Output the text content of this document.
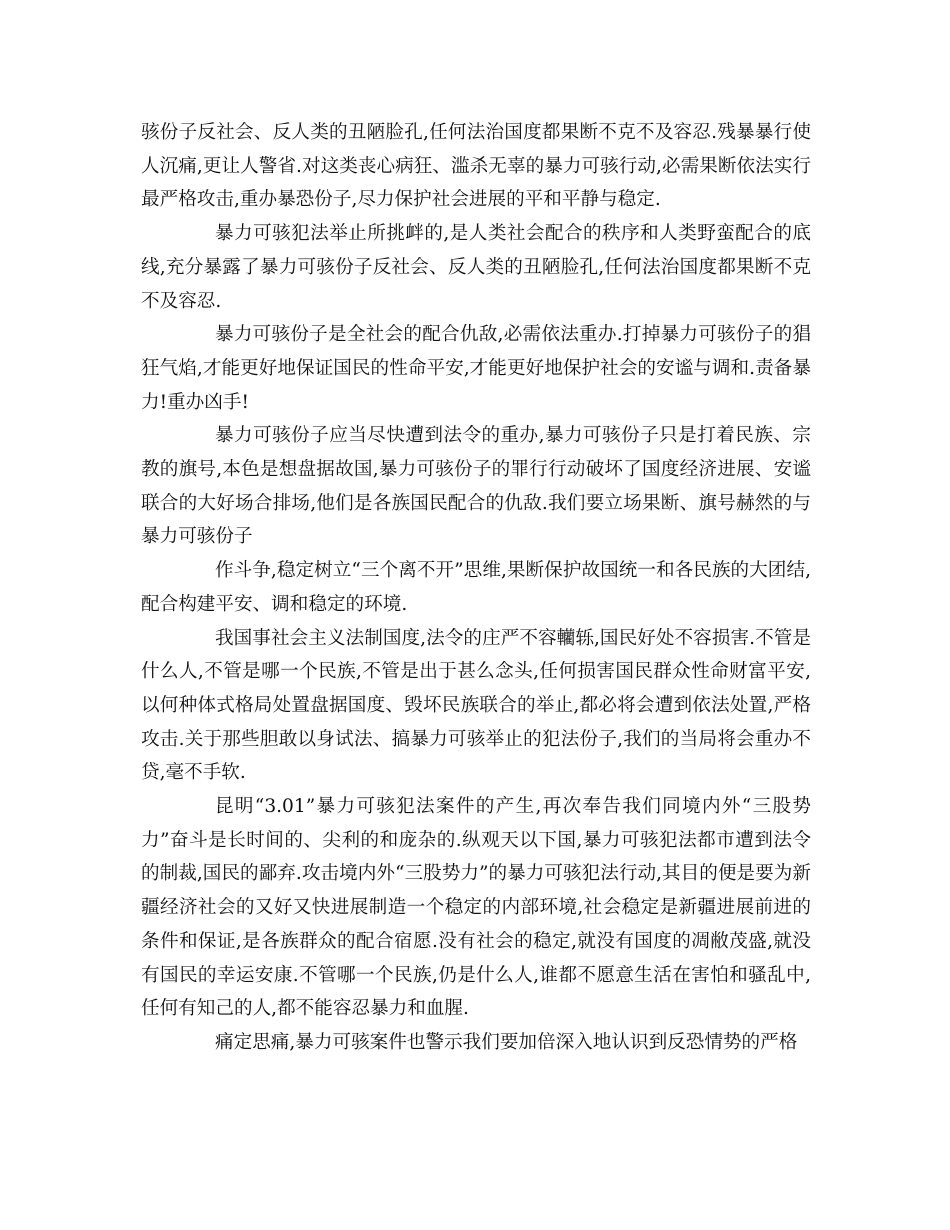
骇份子反社会、反人类的丑陋脸孔,任何法治国度都果断不克不及容忍.残暴暴行使人沉痛,更让人警省.对这类丧心病狂、滥杀无辜的暴力可骇行动,必需果断依法实行最严格攻击,重办暴恐份子,尽力保护社会进展的平和平静与稳定.

暴力可骇犯法举止所挑衅的,是人类社会配合的秩序和人类野蛮配合的底线,充分暴露了暴力可骇份子反社会、反人类的丑陋脸孔,任何法治国度都果断不克不及容忍.

暴力可骇份子是全社会的配合仇敌,必需依法重办.打掉暴力可骇份子的猖狂气焰,才能更好地保证国民的性命平安,才能更好地保护社会的安谧与调和.责备暴力!重办凶手!

暴力可骇份子应当尽快遭到法令的重办,暴力可骇份子只是打着民族、宗教的旗号,本色是想盘据故国,暴力可骇份子的罪行行动破坏了国度经济进展、安谧联合的大好场合排场,他们是各族国民配合的仇敌.我们要立场果断、旗号赫然的与暴力可骇份子

作斗争,稳定树立“三个离不开”思维,果断保护故国统一和各民族的大团结,配合构建平安、调和稳定的环境.

我国事社会主义法制国度,法令的庄严不容轥轹,国民好处不容损害.不管是什么人,不管是哪一个民族,不管是出于甚么念头,任何损害国民群众性命财富平安,以何种体式格局处置盘据国度、毁坏民族联合的举止,都必将会遭到依法处置,严格攻击.关于那些胆敢以身试法、搞暴力可骇举止的犯法份子,我们的当局将会重办不贷,毫不手软.

昆明“3.01”暴力可骇犯法案件的产生,再次奉告我们同境内外“三股势力”奋斗是长时间的、尖利的和庞杂的.纵观天以下国,暴力可骇犯法都市遭到法令的制裁,国民的鄙弃.攻击境内外“三股势力”的暴力可骇犯法行动,其目的便是要为新疆经济社会的又好又快进展制造一个稳定的内部环境,社会稳定是新疆进展前进的条件和保证,是各族群众的配合宿愿.没有社会的稳定,就没有国度的凋敝茂盛,就没有国民的幸运安康.不管哪一个民族,仍是什么人,谁都不愿意生活在害怕和骚乱中,任何有知己的人,都不能容忍暴力和血腥.

痛定思痛,暴力可骇案件也警示我们要加倍深入地认识到反恐情势的严格
